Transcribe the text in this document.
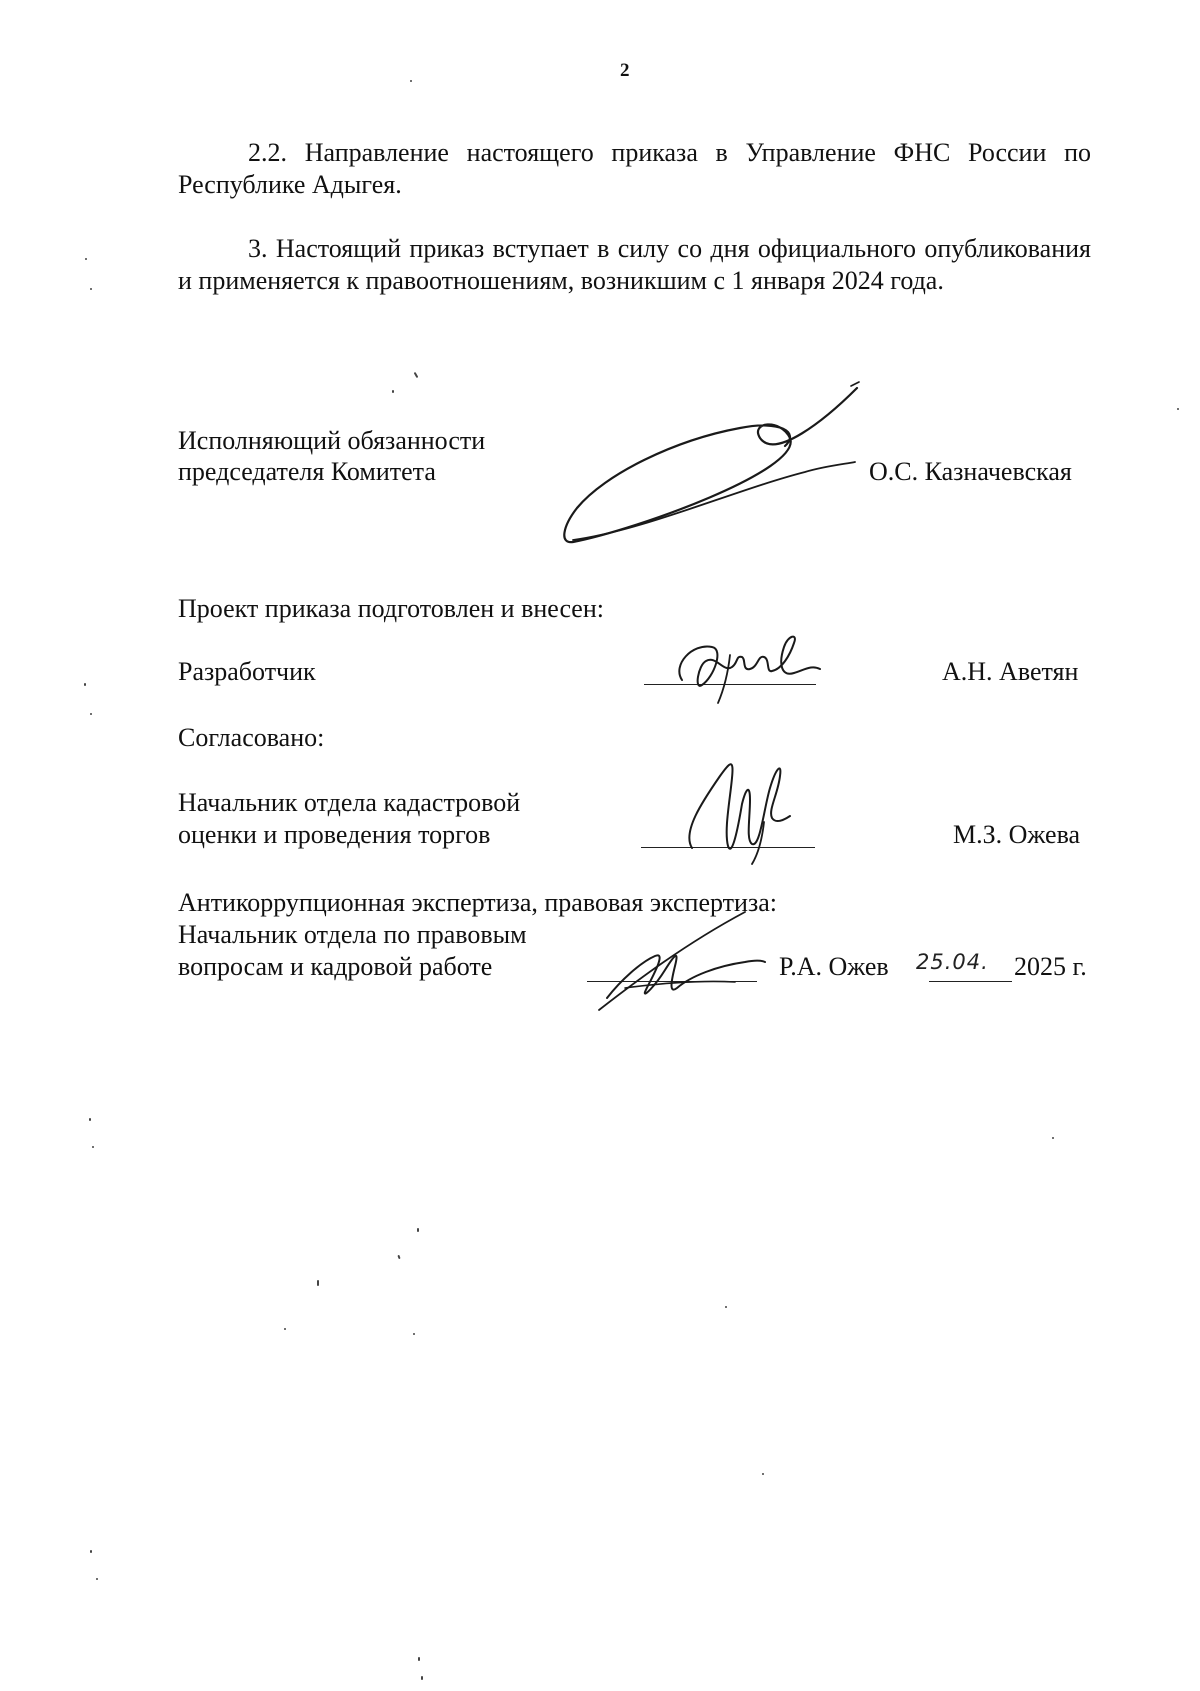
2

2.2. Направление настоящего приказа в Управление ФНС России по Республике Адыгея.

3. Настоящий приказ вступает в силу со дня официального опубликования и применяется к правоотношениям, возникшим с 1 января 2024 года.

Исполняющий обязанности
председателя Комитета	О.С. Казначевская
Проект приказа подготовлен и внесен:
Разработчик	А.Н. Аветян
Согласовано:
Начальник отдела кадастровой
оценки и проведения торгов	М.З. Ожева
Антикоррупционная экспертиза, правовая экспертиза:
Начальник отдела по правовым
вопросам и кадровой работе	Р.А. Ожев 25.04. 2025 г.
